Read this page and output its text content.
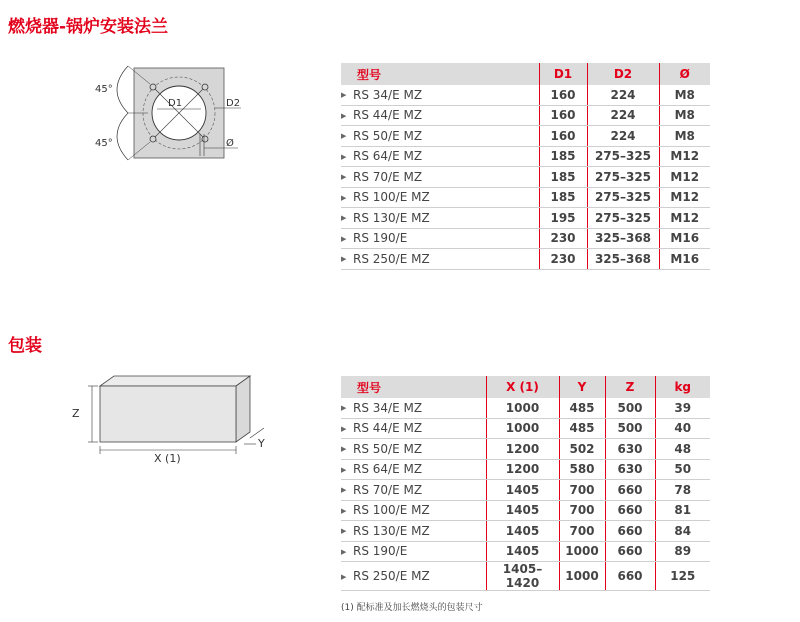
燃烧器-锅炉安装法兰
D1	D2
Ø
45°
45°
型号	D1	D2	Ø
▶ RS 34/E MZ	160	224	M8
▶ RS 44/E MZ	160	224	M8
▶ RS 50/E MZ	160	224	M8
▶ RS 64/E MZ	185	275–325	M12
▶ RS 70/E MZ	185	275–325	M12
▶ RS 100/E MZ	185	275–325	M12
▶ RS 130/E MZ	195	275–325	M12
▶ RS 190/E	230	325–368	M16
▶ RS 250/E MZ	230	325–368	M16
包装
Z
X (1)
Y
型号	X (1)	Y	Z	kg
▶ RS 34/E MZ	1000	485	500	39
▶ RS 44/E MZ	1000	485	500	40
▶ RS 50/E MZ	1200	502	630	48
▶ RS 64/E MZ	1200	580	630	50
▶ RS 70/E MZ	1405	700	660	78
▶ RS 100/E MZ	1405	700	660	81
▶ RS 130/E MZ	1405	700	660	84
▶ RS 190/E	1405	1000	660	89
▶ RS 250/E MZ	1405–1420	1000	660	125
(1) 配标准及加长燃烧头的包装尺寸
